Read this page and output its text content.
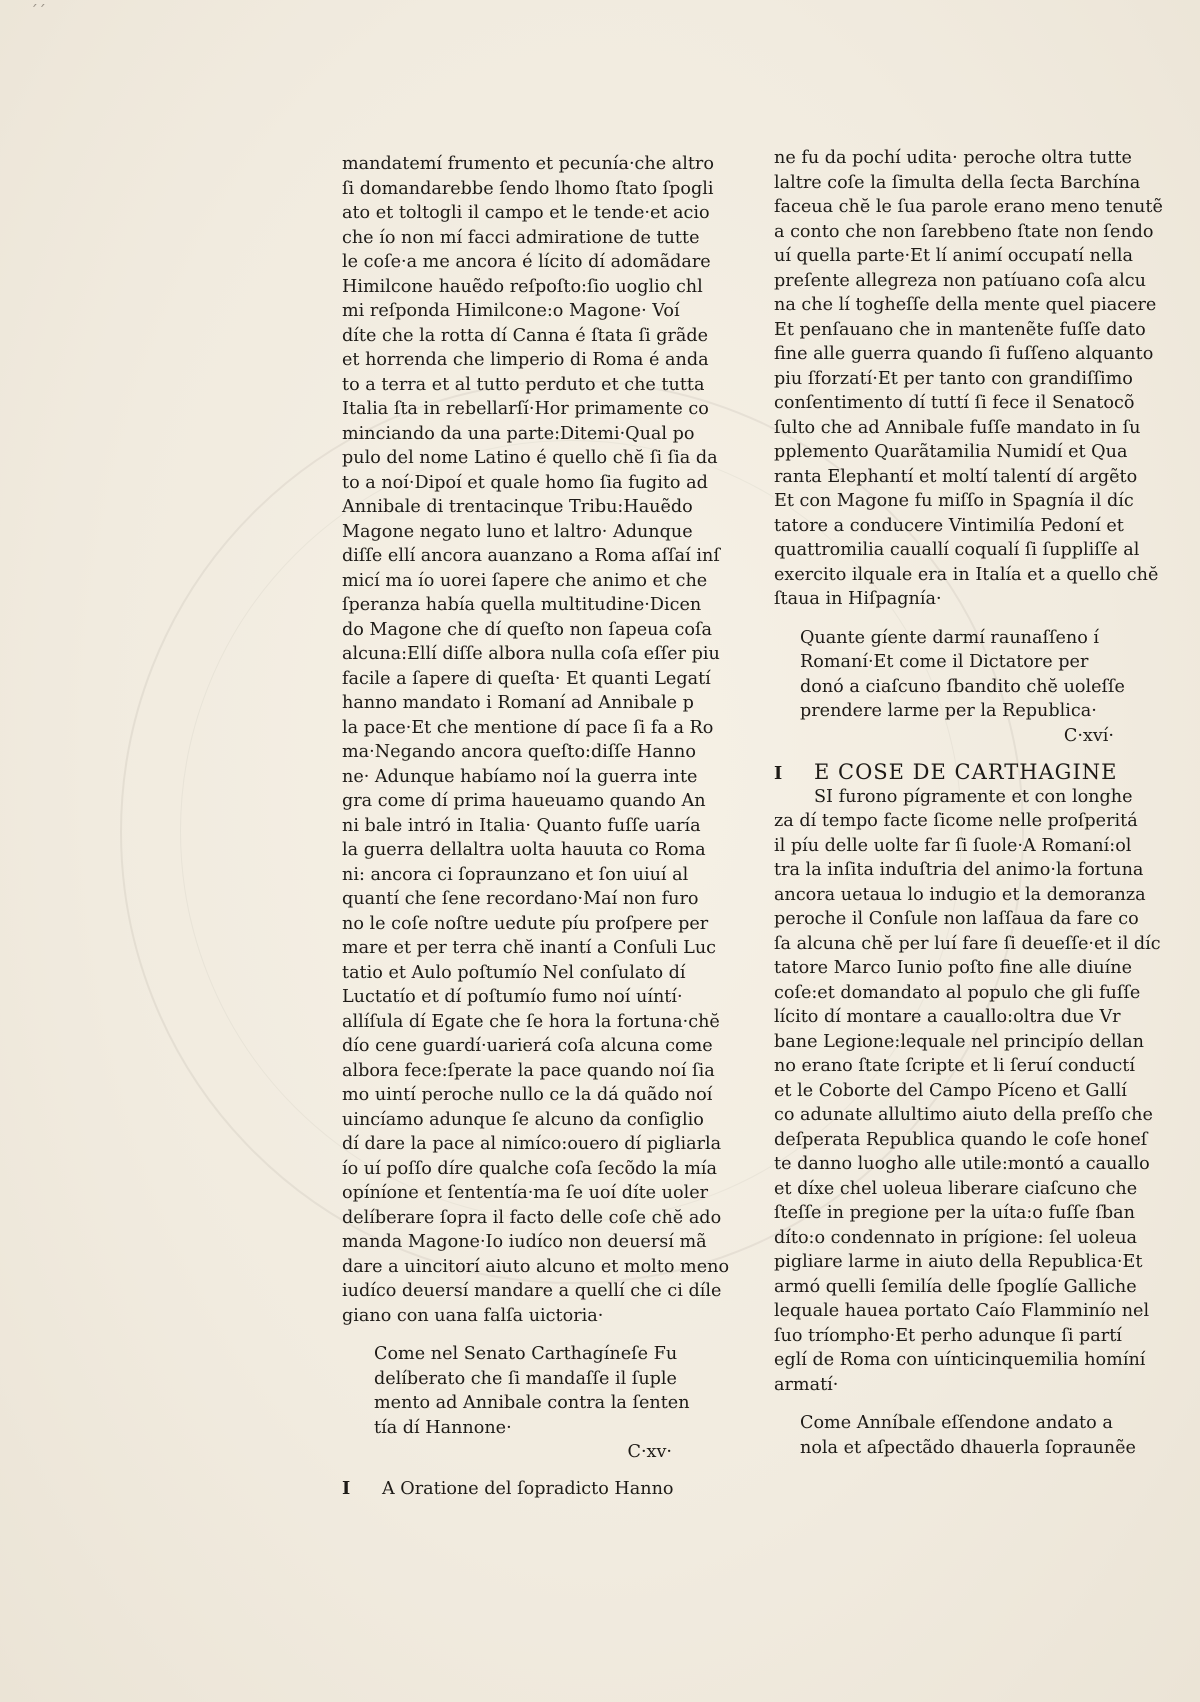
´´
mandatemí frumento et pecunía·che altro
ſi domandarebbe ſendo lhomo ſtato ſpogli
ato et toltogli il campo et le tende·et acio
che ío non mí facci admiratione de tutte
le coſe·a me ancora é lícito dí adomãdare
Himilcone hauẽdo reſpoſto:ſio uoglio chl
mi reſponda Himilcone:o Magone· Voí
díte che la rotta dí Canna é ſtata ſi grãde
et horrenda che limperio di Roma é anda
to a terra et al tutto perduto et che tutta
Italia ſta in rebellarſí·Hor primamente co
minciando da una parte:Ditemi·Qual po
pulo del nome Latino é quello chĕ ſi ſia da
to a noí·Dipoí et quale homo ſia fugito ad
Annibale di trentacinque Tribu:Hauẽdo
Magone negato luno et laltro· Adunque
diſſe ellí ancora auanzano a Roma aſſaí inſ
micí ma ío uorei ſapere che animo et che
ſperanza había quella multitudine·Dicen
do Magone che dí queſto non ſapeua coſa
alcuna:Ellí diſſe albora nulla coſa eſſer piu
facile a ſapere di queſta· Et quanti Legatí
hanno mandato i Romaní ad Annibale p
la pace·Et che mentione dí pace ſi fa a Ro
ma·Negando ancora queſto:diſſe Hanno
ne· Adunque habíamo noí la guerra inte
gra come dí prima haueuamo quando An
ni bale intró in Italia· Quanto fuſſe uaría
la guerra dellaltra uolta hauuta co Roma
ni: ancora ci ſopraunzano et ſon uiuí al
quantí che ſene recordano·Maí non furo
no le coſe noſtre uedute píu proſpere per
mare et per terra chĕ inantí a Conſuli Luc
tatio et Aulo poſtumío Nel conſulato dí
Luctatío et dí poſtumío fumo noí uíntí·
allíſula dí Egate che ſe hora la fortuna·chĕ
dío cene guardí·uarierá coſa alcuna come
albora fece:ſperate la pace quando noí ſia
mo uintí peroche nullo ce la dá quãdo noí
uincíamo adunque ſe alcuno da conſiglio
dí dare la pace al nimíco:ouero dí pigliarla
ío uí poſſo díre qualche coſa ſecõdo la mía
opíníone et ſententía·ma ſe uoí díte uoler
delíberare ſopra il facto delle coſe chĕ ado
manda Magone·Io iudíco non deuersí mã
dare a uincitorí aiuto alcuno et molto meno
iudíco deuersí mandare a quellí che ci díle
giano con uana falſa uictoria·
Come nel Senato Carthagíneſe Fu
delíberato che ſi mandaſſe il ſuple
mento ad Annibale contra la ſenten
tía dí Hannone·
C·xv·
I A Oratione del ſopradicto Hanno
ne fu da pochí udita· peroche oltra tutte
laltre coſe la ſimulta della ſecta Barchína
faceua chĕ le ſua parole erano meno tenutẽ
a conto che non ſarebbeno ſtate non ſendo
uí quella parte·Et lí animí occupatí nella
preſente allegreza non patíuano coſa alcu
na che lí togheſſe della mente quel piacere
Et penſauano che in mantenẽte fuſſe dato
fine alle guerra quando ſi fuſſeno alquanto
piu ſforzatí·Et per tanto con grandiſſimo
conſentimento dí tuttí ſi fece il Senatocõ
ſulto che ad Annibale fuſſe mandato in ſu
pplemento Quarãtamilia Numidí et Qua
ranta Elephantí et moltí talentí dí argẽto
Et con Magone fu miſſo in Spagnía il díc
tatore a conducere Vintimilía Pedoní et
quattromilia cauallí coqualí ſi ſuppliſſe al
exercito ilquale era in Italía et a quello chĕ
ſtaua in Hiſpagnía·
Quante gíente darmí raunaſſeno í
Romaní·Et come il Dictatore per
donó a ciaſcuno ſbandito chĕ uoleſſe
prendere larme per la Republica·
C·xví·
I E COSE DE CARTHAGINE
SI furono pígramente et con longhe
za dí tempo facte ſicome nelle proſperitá
il píu delle uolte far ſi ſuole·A Romaní:ol
tra la inſita induſtria del animo·la fortuna
ancora uetaua lo indugio et la demoranza
peroche il Conſule non laſſaua da fare co
ſa alcuna chĕ per luí fare ſi deueſſe·et il díc
tatore Marco Iunio poſto fine alle diuíne
coſe:et domandato al populo che gli fuſſe
lícito dí montare a cauallo:oltra due Vr
bane Legione:lequale nel principío dellan
no erano ſtate ſcripte et li ſeruí conductí
et le Coborte del Campo Píceno et Gallí
co adunate allultimo aiuto della preſſo che
deſperata Republica quando le coſe honeſ
te danno luogho alle utile:montó a cauallo
et díxe chel uoleua liberare ciaſcuno che
ſteſſe in pregione per la uíta:o fuſſe ſban
díto:o condennato in prígione: ſel uoleua
pigliare larme in aiuto della Republica·Et
armó quelli ſemilía delle ſpoglíe Galliche
lequale hauea portato Caío Flamminío nel
ſuo tríompho·Et perho adunque ſi partí
eglí de Roma con uínticinquemilia homíní
armatí·
Come Anníbale eſſendone andato a
nola et aſpectãdo dhauerla ſopraunẽe
